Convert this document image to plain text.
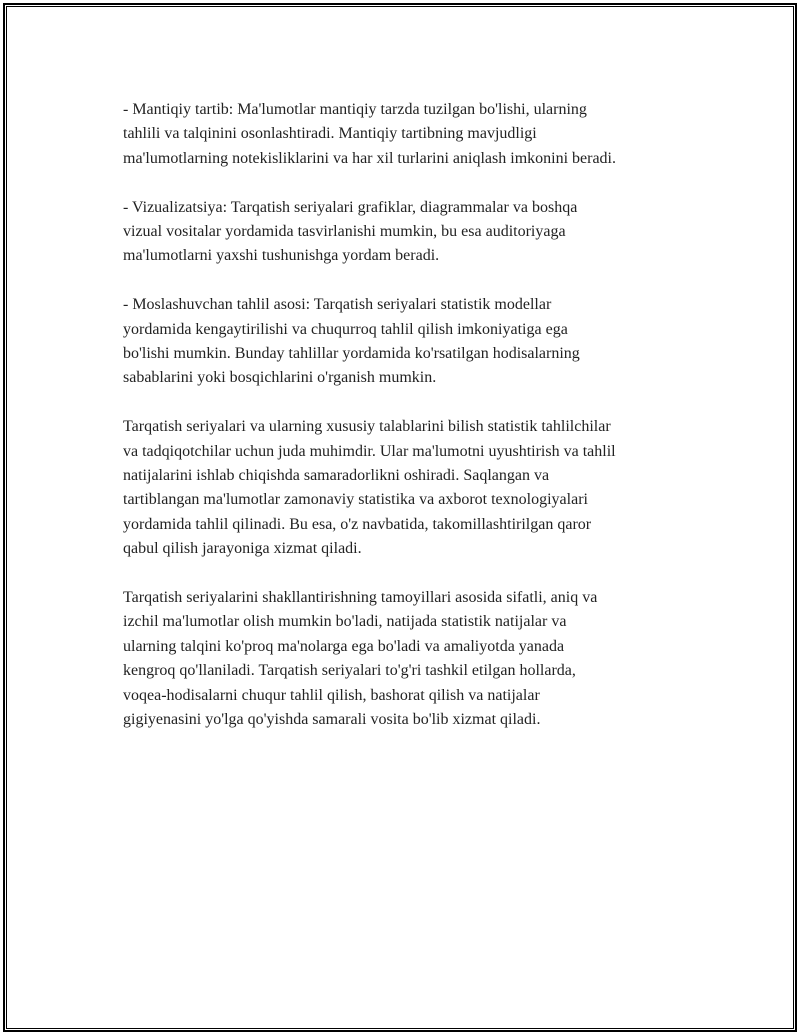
- Mantiqiy tartib: Ma'lumotlar mantiqiy tarzda tuzilgan bo'lishi, ularning
tahlili va talqinini osonlashtiradi. Mantiqiy tartibning mavjudligi
ma'lumotlarning notekisliklarini va har xil turlarini aniqlash imkonini beradi.

- Vizualizatsiya: Tarqatish seriyalari grafiklar, diagrammalar va boshqa
vizual vositalar yordamida tasvirlanishi mumkin, bu esa auditoriyaga
ma'lumotlarni yaxshi tushunishga yordam beradi.

- Moslashuvchan tahlil asosi: Tarqatish seriyalari statistik modellar
yordamida kengaytirilishi va chuqurroq tahlil qilish imkoniyatiga ega
bo'lishi mumkin. Bunday tahlillar yordamida ko'rsatilgan hodisalarning
sabablarini yoki bosqichlarini o'rganish mumkin.

Tarqatish seriyalari va ularning xususiy talablarini bilish statistik tahlilchilar
va tadqiqotchilar uchun juda muhimdir. Ular ma'lumotni uyushtirish va tahlil
natijalarini ishlab chiqishda samaradorlikni oshiradi. Saqlangan va
tartiblangan ma'lumotlar zamonaviy statistika va axborot texnologiyalari
yordamida tahlil qilinadi. Bu esa, o'z navbatida, takomillashtirilgan qaror
qabul qilish jarayoniga xizmat qiladi.

Tarqatish seriyalarini shakllantirishning tamoyillari asosida sifatli, aniq va
izchil ma'lumotlar olish mumkin bo'ladi, natijada statistik natijalar va
ularning talqini ko'proq ma'nolarga ega bo'ladi va amaliyotda yanada
kengroq qo'llaniladi. Tarqatish seriyalari to'g'ri tashkil etilgan hollarda,
voqea-hodisalarni chuqur tahlil qilish, bashorat qilish va natijalar
gigiyenasini yo'lga qo'yishda samarali vosita bo'lib xizmat qiladi.
